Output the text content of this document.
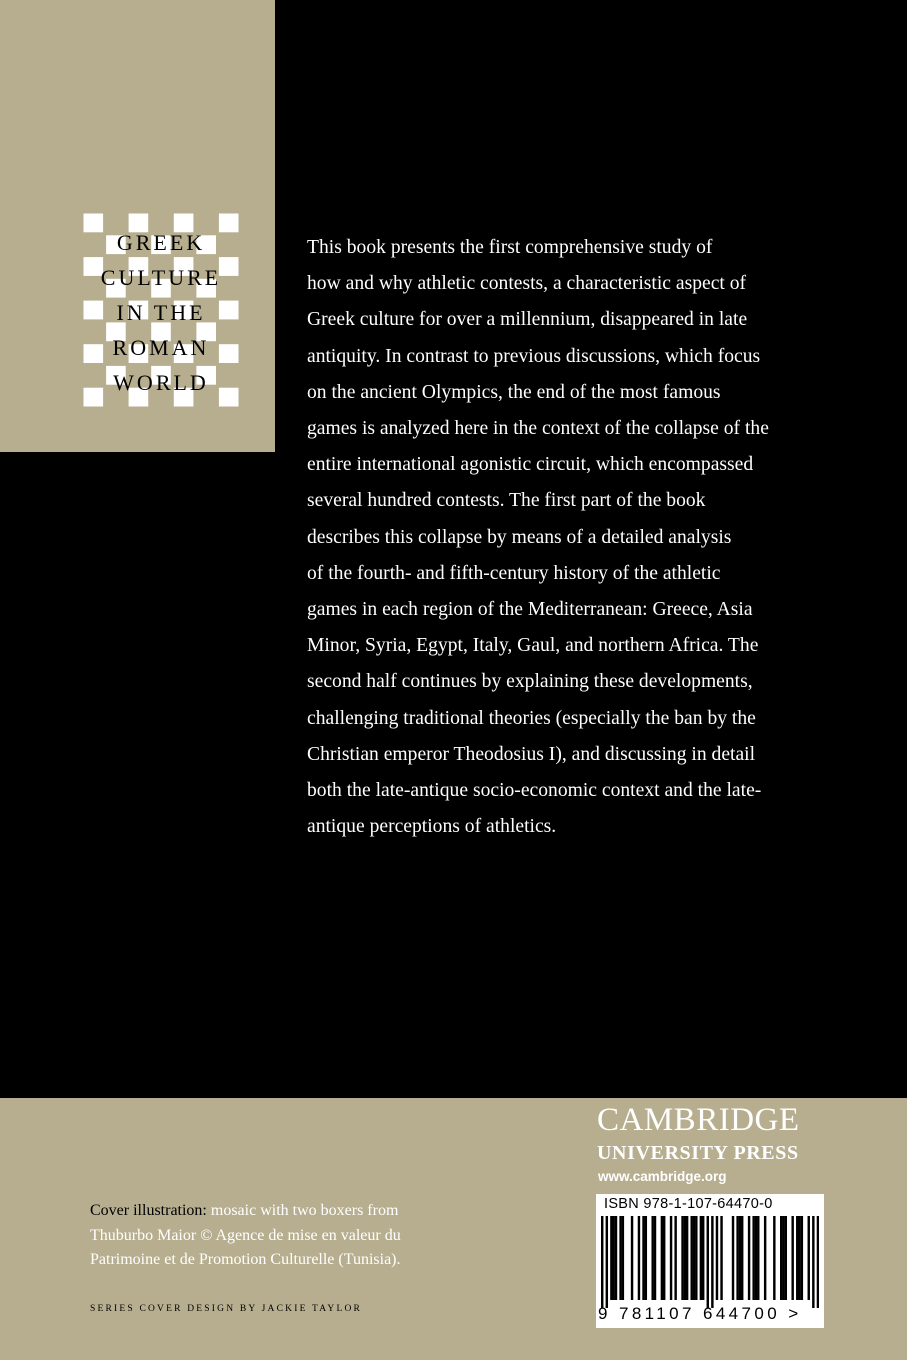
GREEK
CULTURE
IN THE
ROMAN
WORLD
This book presents the first comprehensive study of
how and why athletic contests, a characteristic aspect of
Greek culture for over a millennium, disappeared in late
antiquity. In contrast to previous discussions, which focus
on the ancient Olympics, the end of the most famous
games is analyzed here in the context of the collapse of the
entire international agonistic circuit, which encompassed
several hundred contests. The first part of the book
describes this collapse by means of a detailed analysis
of the fourth- and fifth-century history of the athletic
games in each region of the Mediterranean: Greece, Asia
Minor, Syria, Egypt, Italy, Gaul, and northern Africa. The
second half continues by explaining these developments,
challenging traditional theories (especially the ban by the
Christian emperor Theodosius I), and discussing in detail
both the late-antique socio-economic context and the late-
antique perceptions of athletics.
Cover illustration: mosaic with two boxers from
Thuburbo Maior © Agence de mise en valeur du
Patrimoine et de Promotion Culturelle (Tunisia).
SERIES COVER DESIGN BY JACKIE TAYLOR
CAMBRIDGE
UNIVERSITY PRESS
www.cambridge.org
ISBN 978-1-107-64470-0
9 781107 644700 >
